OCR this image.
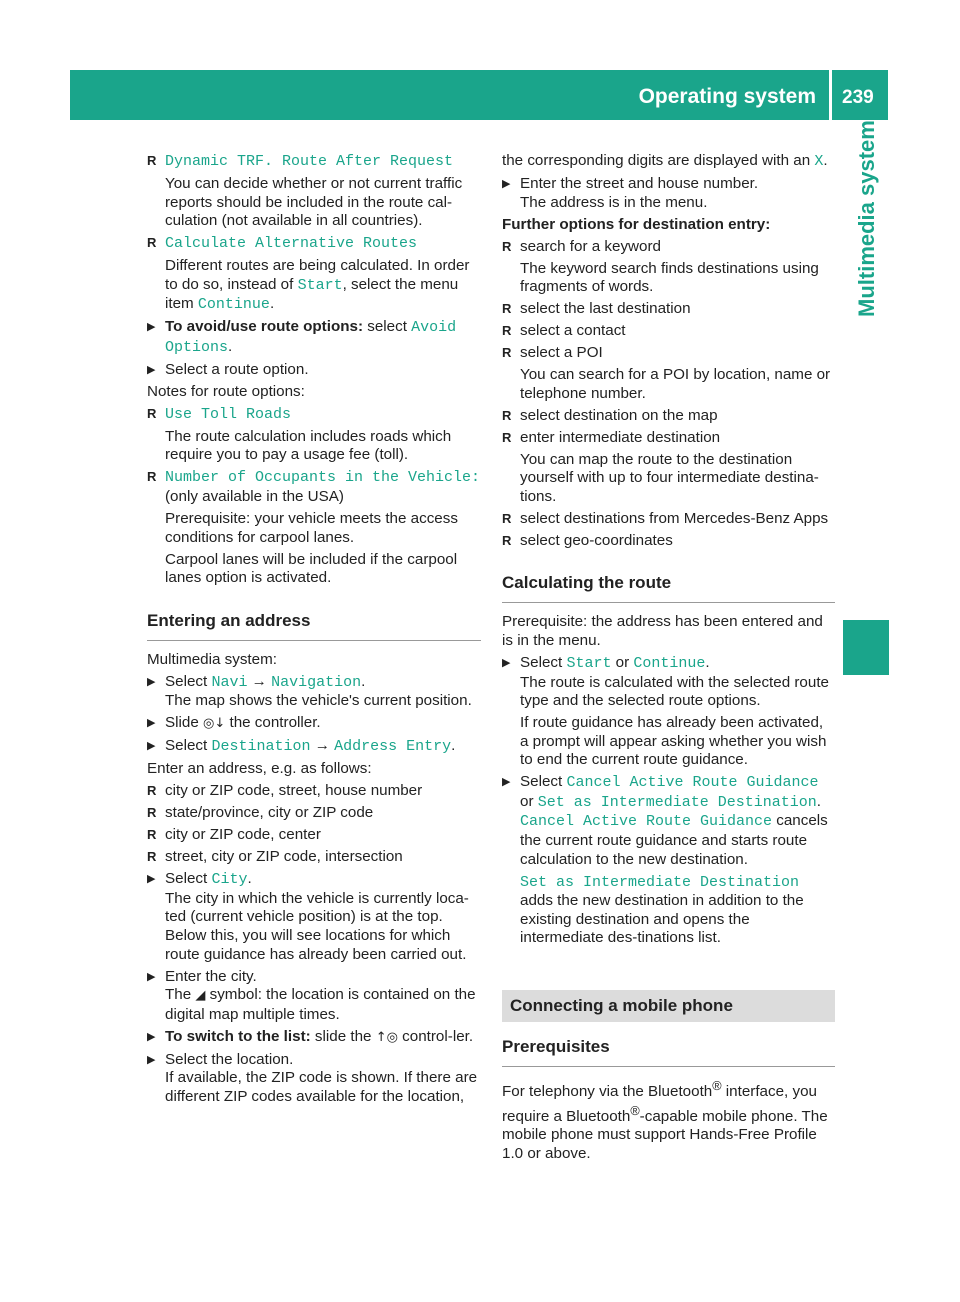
Operating system 239
Multimedia system
R Dynamic TRF. Route After Request
You can decide whether or not current traffic reports should be included in the route cal-culation (not available in all countries).
R Calculate Alternative Routes
Different routes are being calculated. In order to do so, instead of Start, select the menu item Continue.
▶ To avoid/use route options: select Avoid Options.
▶ Select a route option.
Notes for route options:
R Use Toll Roads
The route calculation includes roads which require you to pay a usage fee (toll).
R Number of Occupants in the Vehicle:
(only available in the USA)
Prerequisite: your vehicle meets the access conditions for carpool lanes.
Carpool lanes will be included if the carpool lanes option is activated.
Entering an address
Multimedia system:
▶ Select Navi → Navigation.
The map shows the vehicle's current position.
▶ Slide ◎↓ the controller.
▶ Select Destination → Address Entry.
Enter an address, e.g. as follows:
R city or ZIP code, street, house number
R state/province, city or ZIP code
R city or ZIP code, center
R street, city or ZIP code, intersection
▶ Select City.
The city in which the vehicle is currently loca-ted (current vehicle position) is at the top. Below this, you will see locations for which route guidance has already been carried out.
▶ Enter the city.
The ◢ symbol: the location is contained on the digital map multiple times.
▶ To switch to the list: slide the ↑◎ control-ler.
▶ Select the location.
If available, the ZIP code is shown. If there are different ZIP codes available for the location,
the corresponding digits are displayed with an X.
▶ Enter the street and house number.
The address is in the menu.
Further options for destination entry:
R search for a keyword
The keyword search finds destinations using fragments of words.
R select the last destination
R select a contact
R select a POI
You can search for a POI by location, name or telephone number.
R select destination on the map
R enter intermediate destination
You can map the route to the destination yourself with up to four intermediate destina-tions.
R select destinations from Mercedes-Benz Apps
R select geo-coordinates
Calculating the route
Prerequisite: the address has been entered and is in the menu.
▶ Select Start or Continue.
The route is calculated with the selected route type and the selected route options.
If route guidance has already been activated, a prompt will appear asking whether you wish to end the current route guidance.
▶ Select Cancel Active Route Guidance or Set as Intermediate Destination.
Cancel Active Route Guidance cancels the current route guidance and starts route calculation to the new destination.
Set as Intermediate Destination adds the new destination in addition to the existing destination and opens the intermediate des-tinations list.
Connecting a mobile phone
Prerequisites
For telephony via the Bluetooth® interface, you require a Bluetooth®-capable mobile phone. The mobile phone must support Hands-Free Profile 1.0 or above.
